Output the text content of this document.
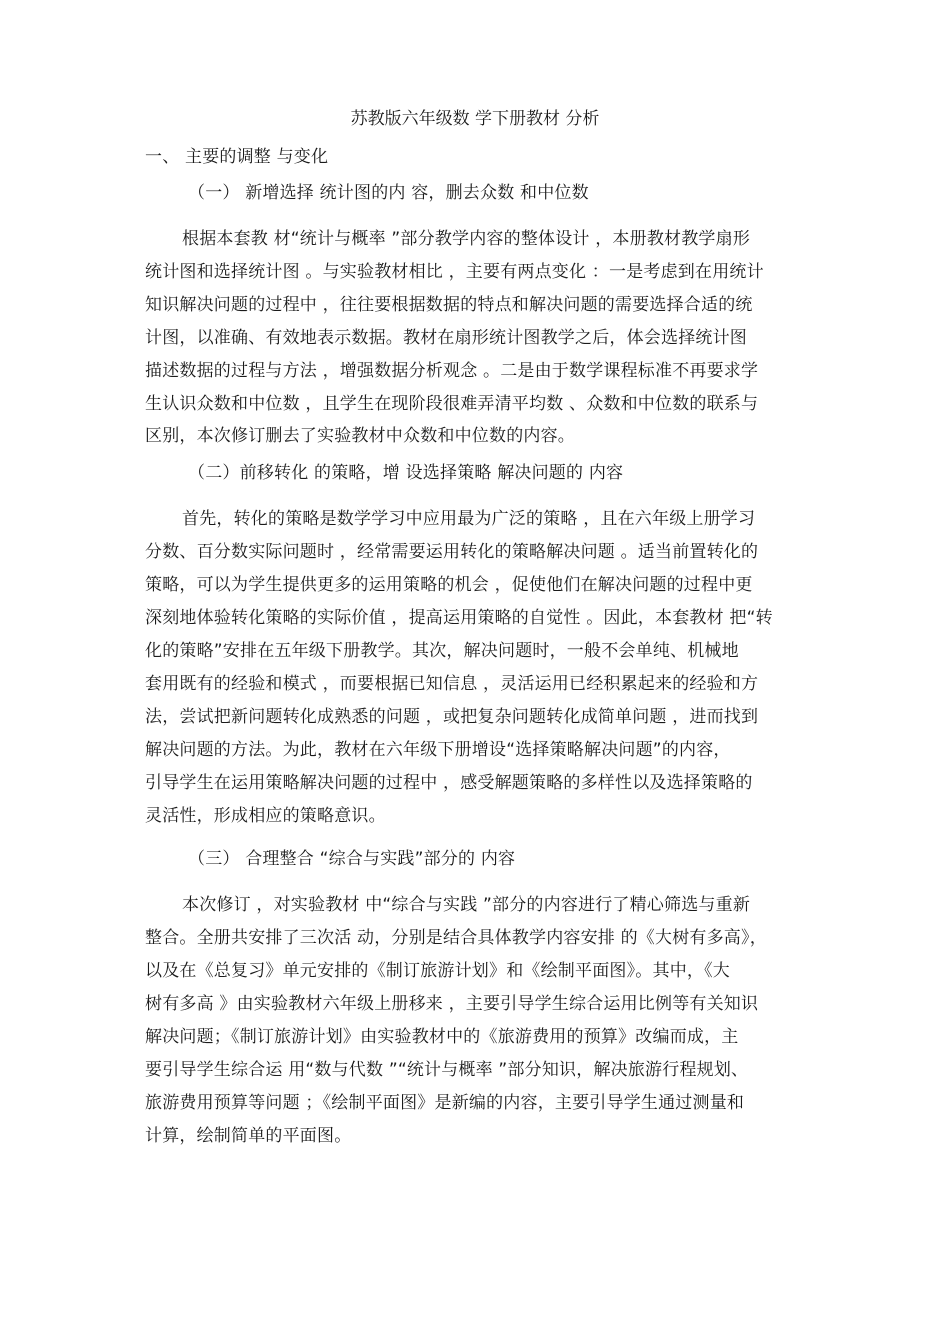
苏教版六年级数 学下册教材 分析
一、 主要的调整 与变化
（一） 新增选择 统计图的内 容，删去众数 和中位数
根据本套教 材“统计与概率 ”部分教学内容的整体设计 ，本册教材教学扇形
统计图和选择统计图 。与实验教材相比 ，主要有两点变化 ：一是考虑到在用统计
知识解决问题的过程中 ，往往要根据数据的特点和解决问题的需要选择合适的统
计图，以准确、有效地表示数据。教材在扇形统计图教学之后，体会选择统计图
描述数据的过程与方法 ，增强数据分析观念 。二是由于数学课程标准不再要求学
生认识众数和中位数 ，且学生在现阶段很难弄清平均数 、众数和中位数的联系与
区别，本次修订删去了实验教材中众数和中位数的内容。
（二）前移转化 的策略，增 设选择策略 解决问题的 内容
首先，转化的策略是数学学习中应用最为广泛的策略 ，且在六年级上册学习
分数、百分数实际问题时 ，经常需要运用转化的策略解决问题 。适当前置转化的
策略，可以为学生提供更多的运用策略的机会 ，促使他们在解决问题的过程中更
深刻地体验转化策略的实际价值 ，提高运用策略的自觉性 。因此，本套教材 把“转
化的策略”安排在五年级下册教学。其次，解决问题时，一般不会单纯、机械地
套用既有的经验和模式 ，而要根据已知信息 ，灵活运用已经积累起来的经验和方
法，尝试把新问题转化成熟悉的问题 ，或把复杂问题转化成简单问题 ，进而找到
解决问题的方法。为此，教材在六年级下册增设“选择策略解决问题”的内容，
引导学生在运用策略解决问题的过程中 ，感受解题策略的多样性以及选择策略的
灵活性，形成相应的策略意识。
（三） 合理整合 “综合与实践”部分的 内容
本次修订 ，对实验教材 中“综合与实践 ”部分的内容进行了精心筛选与重新
整合。全册共安排了三次活 动，分别是结合具体教学内容安排 的《大树有多高》，
以及在《总复习》单元安排的《制订旅游计划》和《绘制平面图》。其中，《大
树有多高 》由实验教材六年级上册移来 ，主要引导学生综合运用比例等有关知识
解决问题；《制订旅游计划》由实验教材中的《旅游费用的预算》改编而成，主
要引导学生综合运 用“数与代数 ”“统计与概率 ”部分知识，解决旅游行程规划、
旅游费用预算等问题 ；《绘制平面图》是新编的内容，主要引导学生通过测量和
计算，绘制简单的平面图。
